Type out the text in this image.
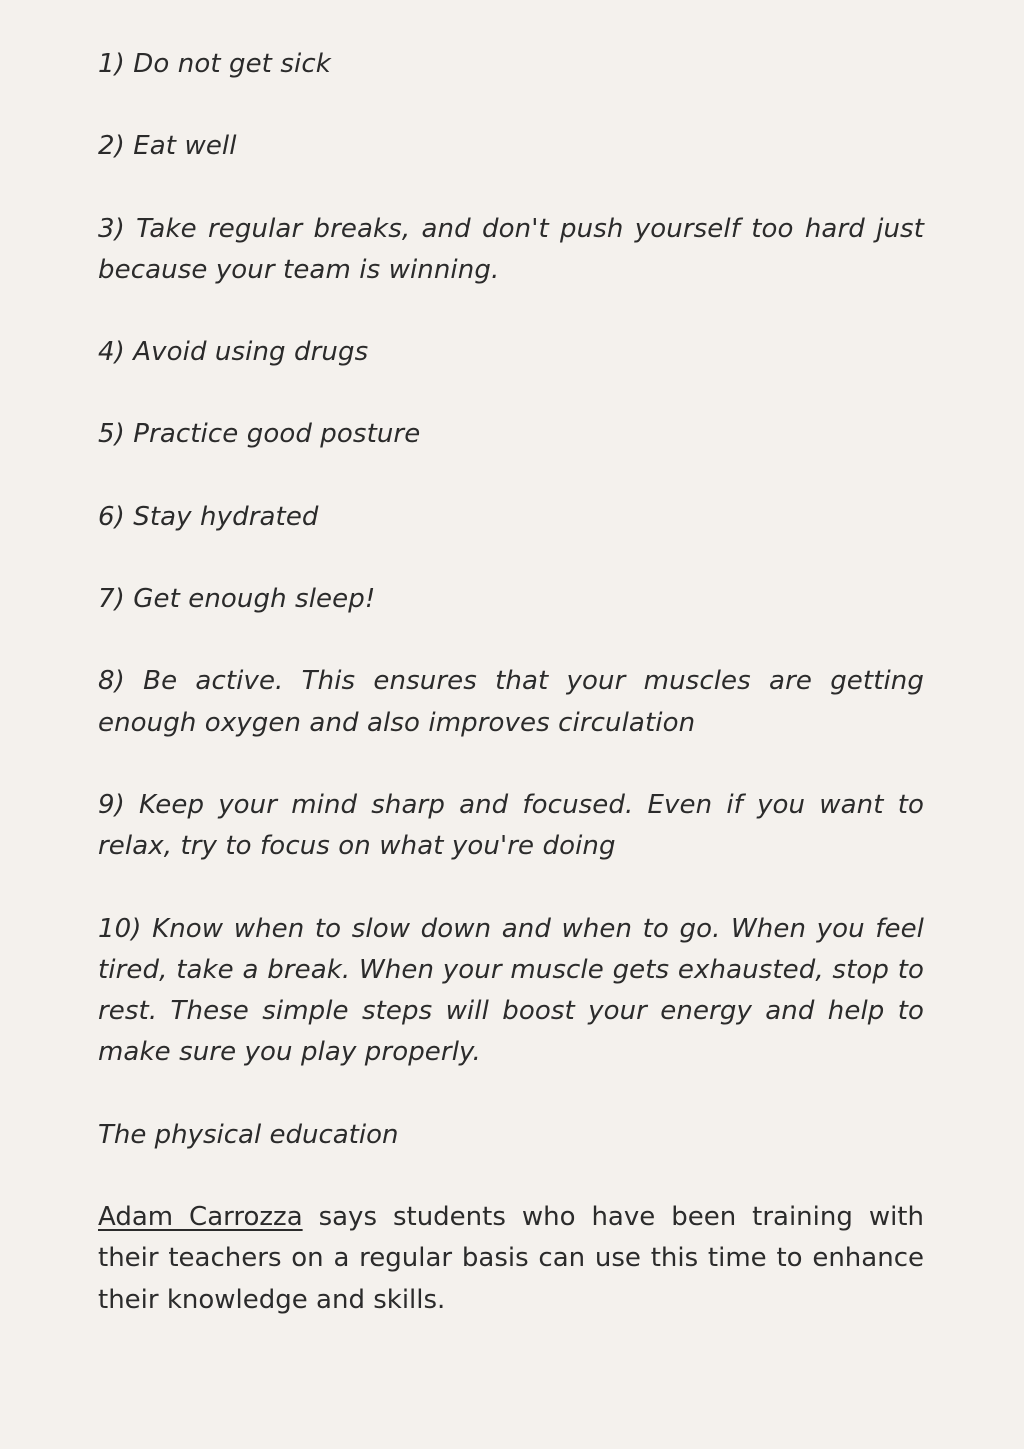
1) Do not get sick

2) Eat well

3) Take regular breaks, and don't push yourself too hard just because your team is winning.

4) Avoid using drugs

5) Practice good posture

6) Stay hydrated

7) Get enough sleep!

8) Be active. This ensures that your muscles are getting enough oxygen and also improves circulation

9) Keep your mind sharp and focused. Even if you want to relax, try to focus on what you're doing

10) Know when to slow down and when to go. When you feel tired, take a break. When your muscle gets exhausted, stop to rest. These simple steps will boost your energy and help to make sure you play properly.

The physical education

Adam Carrozza says students who have been training with their teachers on a regular basis can use this time to enhance their knowledge and skills.
